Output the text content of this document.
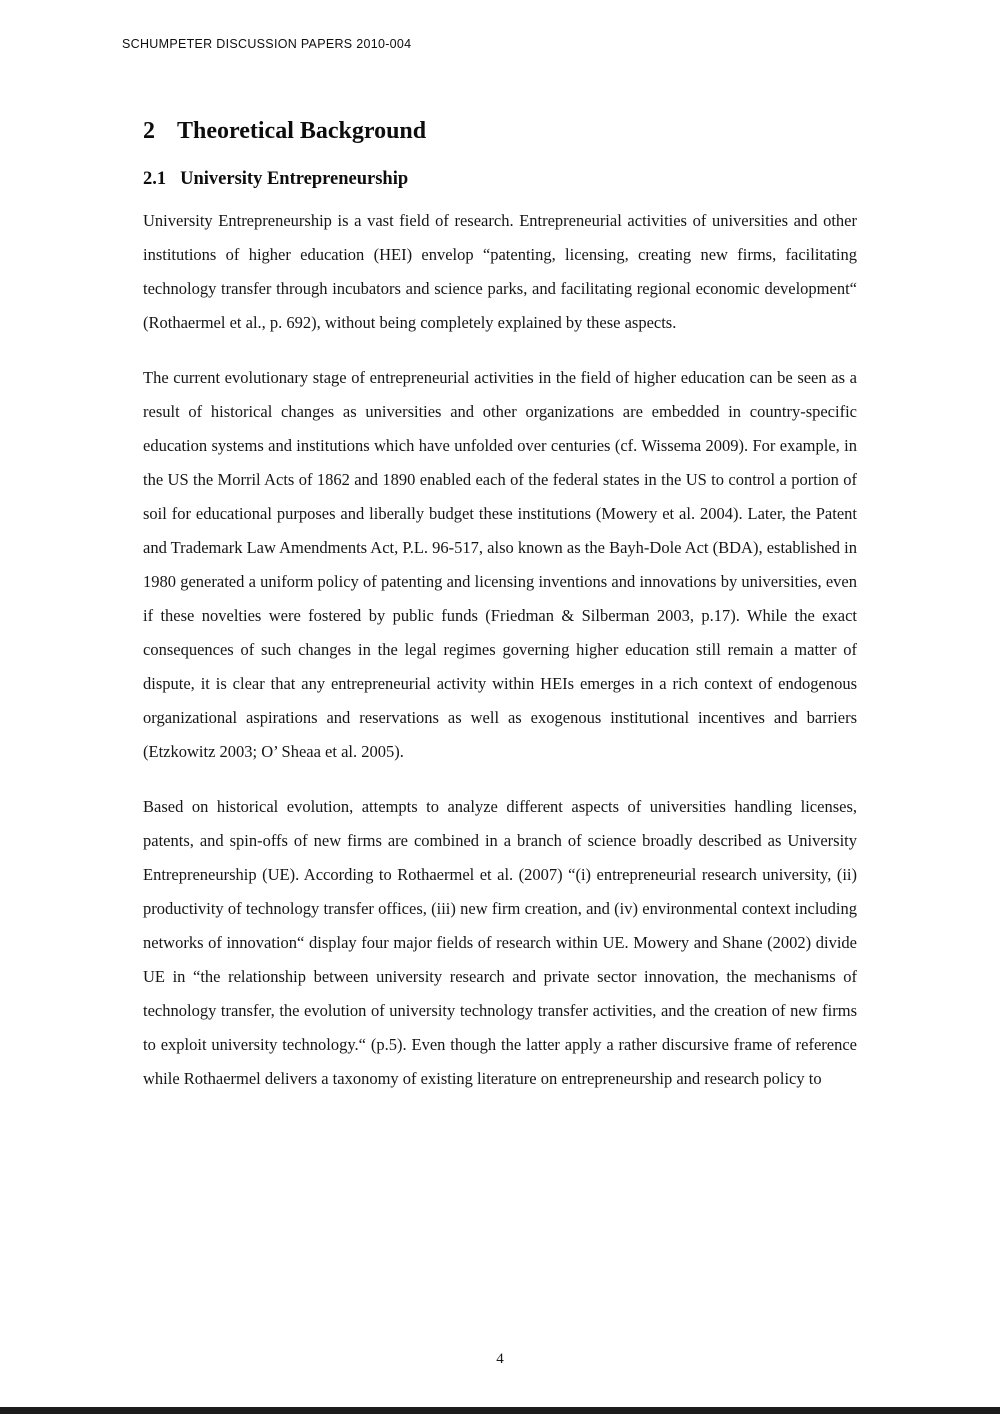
SCHUMPETER DISCUSSION PAPERS 2010-004
2 Theoretical Background
2.1 University Entrepreneurship

University Entrepreneurship is a vast field of research. Entrepreneurial activities of universities and other institutions of higher education (HEI) envelop “patenting, licensing, creating new firms, facilitating technology transfer through incubators and science parks, and facilitating regional economic development“ (Rothaermel et al., p. 692), without being completely explained by these aspects.

The current evolutionary stage of entrepreneurial activities in the field of higher education can be seen as a result of historical changes as universities and other organizations are embedded in country-specific education systems and institutions which have unfolded over centuries (cf. Wissema 2009). For example, in the US the Morril Acts of 1862 and 1890 enabled each of the federal states in the US to control a portion of soil for educational purposes and liberally budget these institutions (Mowery et al. 2004). Later, the Patent and Trademark Law Amendments Act, P.L. 96-517, also known as the Bayh-Dole Act (BDA), established in 1980 generated a uniform policy of patenting and licensing inventions and innovations by universities, even if these novelties were fostered by public funds (Friedman & Silberman 2003, p.17). While the exact consequences of such changes in the legal regimes governing higher education still remain a matter of dispute, it is clear that any entrepreneurial activity within HEIs emerges in a rich context of endogenous organizational aspirations and reservations as well as exogenous institutional incentives and barriers (Etzkowitz 2003; O’ Sheaa et al. 2005).

Based on historical evolution, attempts to analyze different aspects of universities handling licenses, patents, and spin-offs of new firms are combined in a branch of science broadly described as University Entrepreneurship (UE). According to Rothaermel et al. (2007) “(i) entrepreneurial research university, (ii) productivity of technology transfer offices, (iii) new firm creation, and (iv) environmental context including networks of innovation“ display four major fields of research within UE. Mowery and Shane (2002) divide UE in “the relationship between university research and private sector innovation, the mechanisms of technology transfer, the evolution of university technology transfer activities, and the creation of new firms to exploit university technology.“ (p.5). Even though the latter apply a rather discursive frame of reference while Rothaermel delivers a taxonomy of existing literature on entrepreneurship and research policy to

4
